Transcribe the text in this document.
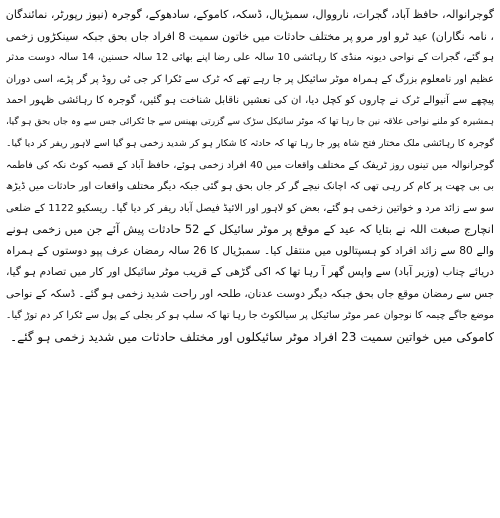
گوجرانوالہ، حافظ آباد، گجرات، نارووال، سمبڑیال، ڈسکہ، کاموکے، سادھوکے، گوجرہ (نیوز رپورٹر، نمائندگان
، نامہ نگاران) عید ٹرو اور مرو پر مختلف حادثات میں خاتون سمیت 8 افراد جاں بحق جبکہ سینکڑوں زخمی
ہو گئے، گجرات کے نواحی دیونہ منڈی کا رہائشی 10 سالہ علی رضا اپنے بھائی 12 سالہ حسنین، 14 سالہ دوست مدثر
عظیم اور نامعلوم بزرگ کے ہمراہ موٹر سائیکل پر جا رہے تھے کہ ٹرک سے ٹکرا کر جی ٹی روڈ پر گر پڑے، اسی دوران
پیچھے سے آنیوالے ٹرک نے چاروں کو کچل دیا، ان کی نعشیں ناقابل شناخت ہو گئیں، گوجرہ کا رہائشی ظہور احمد
ہمشیرہ کو ملنے نواحی علاقہ نین جا رہا تھا کہ موٹر سائیکل سڑک سے گزرتی بھینس سے جا ٹکرائی جس سے وہ جاں بحق ہو گیا،
گوجرہ کا رہائشی ملک مختار فتح شاہ پور جا رہا تھا کہ حادثہ کا شکار ہو کر شدید زخمی ہو گیا اسے لاہور ریفر کر دیا گیا۔
گوجرانوالہ میں تینوں روز ٹریفک کے مختلف واقعات میں 40 افراد زخمی ہوئے، حافظ آباد کے قصبہ کوٹ نکہ کی فاطمہ
بی بی چھت پر کام کر رہی تھی کہ اچانک نیچے گر کر جاں بحق ہو گئی جبکہ دیگر مختلف واقعات اور حادثات میں ڈیڑھ
سو سے زائد مرد و خواتین زخمی ہو گئے، بعض کو لاہور اور الائیڈ فیصل آباد ریفر کر دیا گیا۔ ریسکیو 1122 کے ضلعی
انچارج صبغت اللہ نے بتایا کہ عید کے موقع پر موٹر سائیکل کے 52 حادثات پیش آئے جن میں زخمی ہونے
والے 80 سے زائد افراد کو ہسپتالوں میں منتقل کیا۔ سمبڑیال کا 26 سالہ رمضان عرف پپو دوستوں کے ہمراہ
دریائے چناب (وزیر آباد) سے واپس گھر آ رہا تھا کہ اکی گڑھی کے قریب موٹر سائیکل اور کار میں تصادم ہو گیا،
جس سے رمضان موقع جاں بحق جبکہ دیگر دوست عدنان، طلحہ اور راحت شدید زخمی ہو گئے۔ ڈسکہ کے نواحی
موضع جاگے چیمہ کا نوجوان عمر موٹر سائیکل پر سیالکوٹ جا رہا تھا کہ سلپ ہو کر بجلی کے پول سے ٹکرا کر دم توڑ گیا۔
کاموکی میں خواتین سمیت 23 افراد موٹر سائیکلوں اور مختلف حادثات میں شدید زخمی ہو گئے۔
